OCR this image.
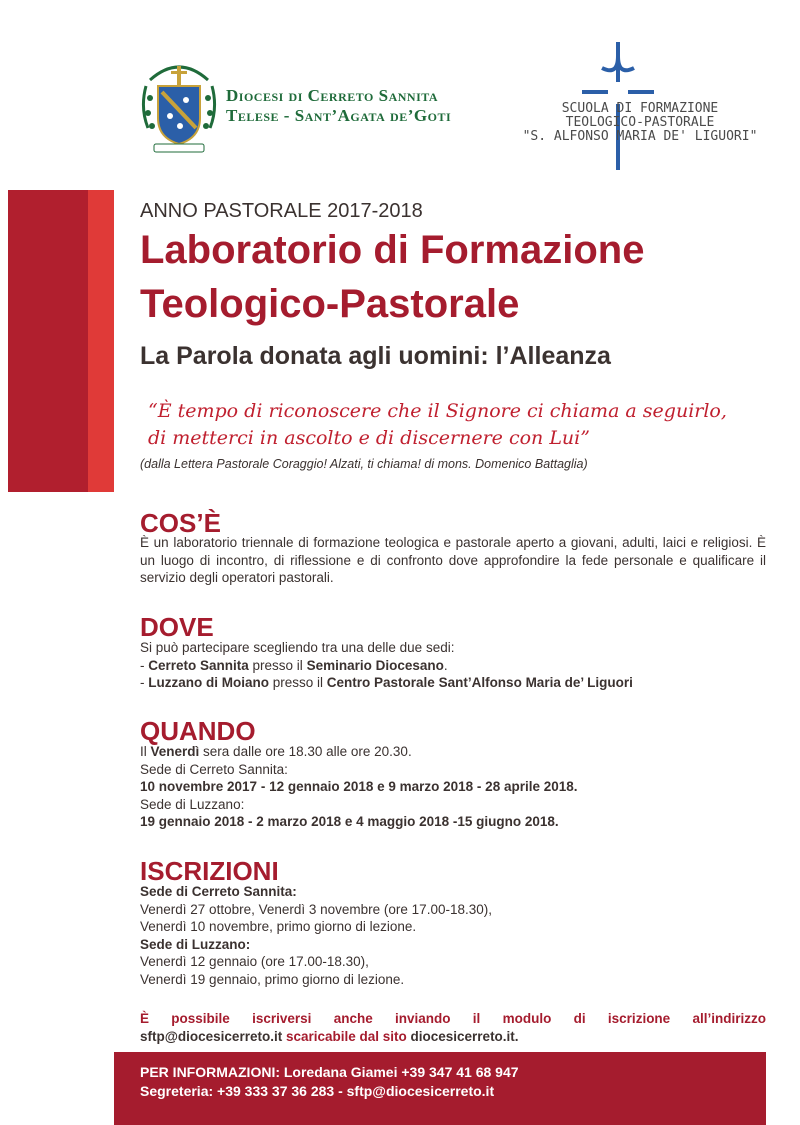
Diocesi di Cerreto Sannita
Telese - Sant’Agata de’Goti	SCUOLA DI FORMAZIONE
TEOLOGICO-PASTORALE
"S. ALFONSO MARIA DE' LIGUORI"
ANNO PASTORALE 2017-2018
Laboratorio di Formazione
Teologico-Pastorale
La Parola donata agli uomini: l’Alleanza
“È tempo di riconoscere che il Signore ci chiama a seguirlo,
di metterci in ascolto e di discernere con Lui”
(dalla Lettera Pastorale Coraggio! Alzati, ti chiama! di mons. Domenico Battaglia)
COS’È
È un laboratorio triennale di formazione teologica e pastorale aperto a giovani, adulti, laici e religiosi. È un luogo di incontro, di riflessione e di confronto dove approfondire la fede personale e qualificare il servizio degli operatori pastorali.
DOVE
Si può partecipare scegliendo tra una delle due sedi:
- Cerreto Sannita presso il Seminario Diocesano.
- Luzzano di Moiano presso il Centro Pastorale Sant’Alfonso Maria de’ Liguori
QUANDO
Il Venerdì sera dalle ore 18.30 alle ore 20.30.
Sede di Cerreto Sannita:
10 novembre 2017 - 12 gennaio 2018 e 9 marzo 2018 - 28 aprile 2018.
Sede di Luzzano:
19 gennaio 2018 - 2 marzo 2018 e 4 maggio 2018 -15 giugno 2018.
ISCRIZIONI
Sede di Cerreto Sannita:
Venerdì 27 ottobre, Venerdì 3 novembre (ore 17.00-18.30),
Venerdì 10 novembre, primo giorno di lezione.
Sede di Luzzano:
Venerdì 12 gennaio (ore 17.00-18.30),
Venerdì 19 gennaio, primo giorno di lezione.
È possibile iscriversi anche inviando il modulo di iscrizione all’indirizzo
sftp@diocesicerreto.it scaricabile dal sito diocesicerreto.it.
PER INFORMAZIONI: Loredana Giamei +39 347 41 68 947
Segreteria: +39 333 37 36 283 - sftp@diocesicerreto.it
